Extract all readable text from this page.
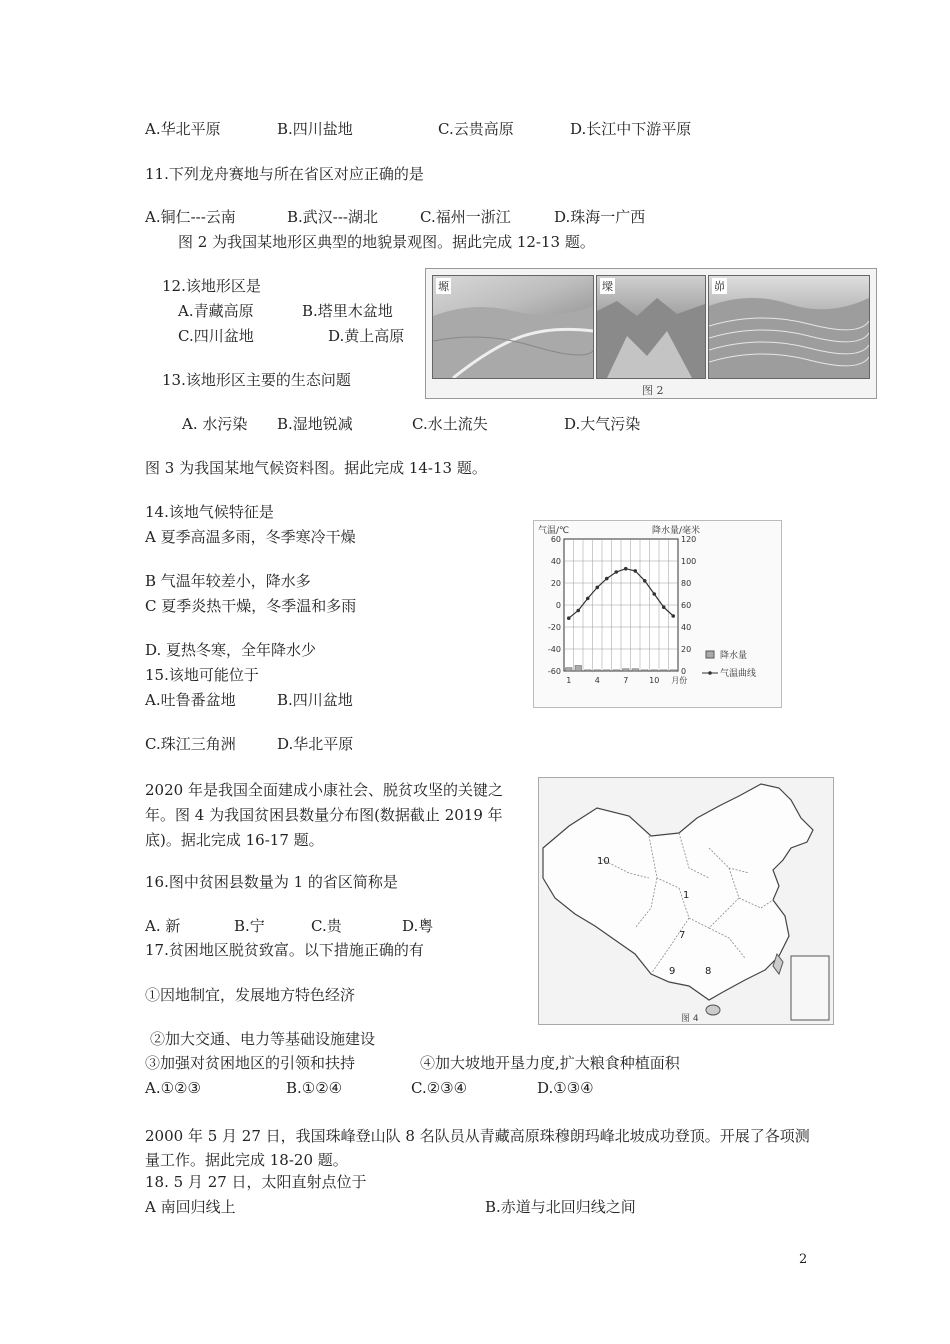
A.华北平原	B.四川盐地	C.云贵高原	D.长江中下游平原
11.下列龙舟赛地与所在省区对应正确的是
A.铜仁---云南	B.武汉---湖北	C.福州一浙江	D.珠海一广西
图 2 为我国某地形区典型的地貌景观图。据此完成 12-13 题。
12.该地形区是
A.青藏高原	B.塔里木盆地
C.四川盆地	D.黄上高原
13.该地形区主要的生态问题
A. 水污染 B.湿地锐减	C.水土流失	D.大气污染
塬	墚	峁
图 2
图 3 为我国某地气候资料图。据此完成 14-13 题。
14.该地气候特征是
A 夏季高温多雨，冬季寒冷干燥
B 气温年较差小，降水多
C 夏季炎热干燥，冬季温和多雨
D. 夏热冬寒，全年降水少
15.该地可能位于
A.吐鲁番盆地	B.四川盆地
C.珠江三角洲	D.华北平原
气温/℃	降水量/毫米
60
40
20
0
-20
-40
-60
120
100
80
60
40
20
0
1	4	7	10 月份
降水量
气温曲线
2020 年是我国全面建成小康社会、脱贫攻坚的关键之年。图 4 为我国贫困县数量分布图(数据截止 2019 年底)。据北完成 16-17 题。
16.图中贫困县数量为 1 的省区简称是
A. 新	B.宁	C.贵	D.粤
17.贫困地区脱贫致富。以下措施正确的有
①因地制宜，发展地方特色经济
②加大交通、电力等基础设施建设
③加强对贫困地区的引领和扶持	④加大坡地开垦力度,扩大粮食种植面积
A.①②③	B.①②④	C.②③④	D.①③④
10
1
7
9	8
图 4
2000 年 5 月 27 日，我国珠峰登山队 8 名队员从青藏高原珠穆朗玛峰北坡成功登顶。开展了各项测量工作。据此完成 18-20 题。
18. 5 月 27 日，太阳直射点位于
A 南回归线上	B.赤道与北回归线之间
2
